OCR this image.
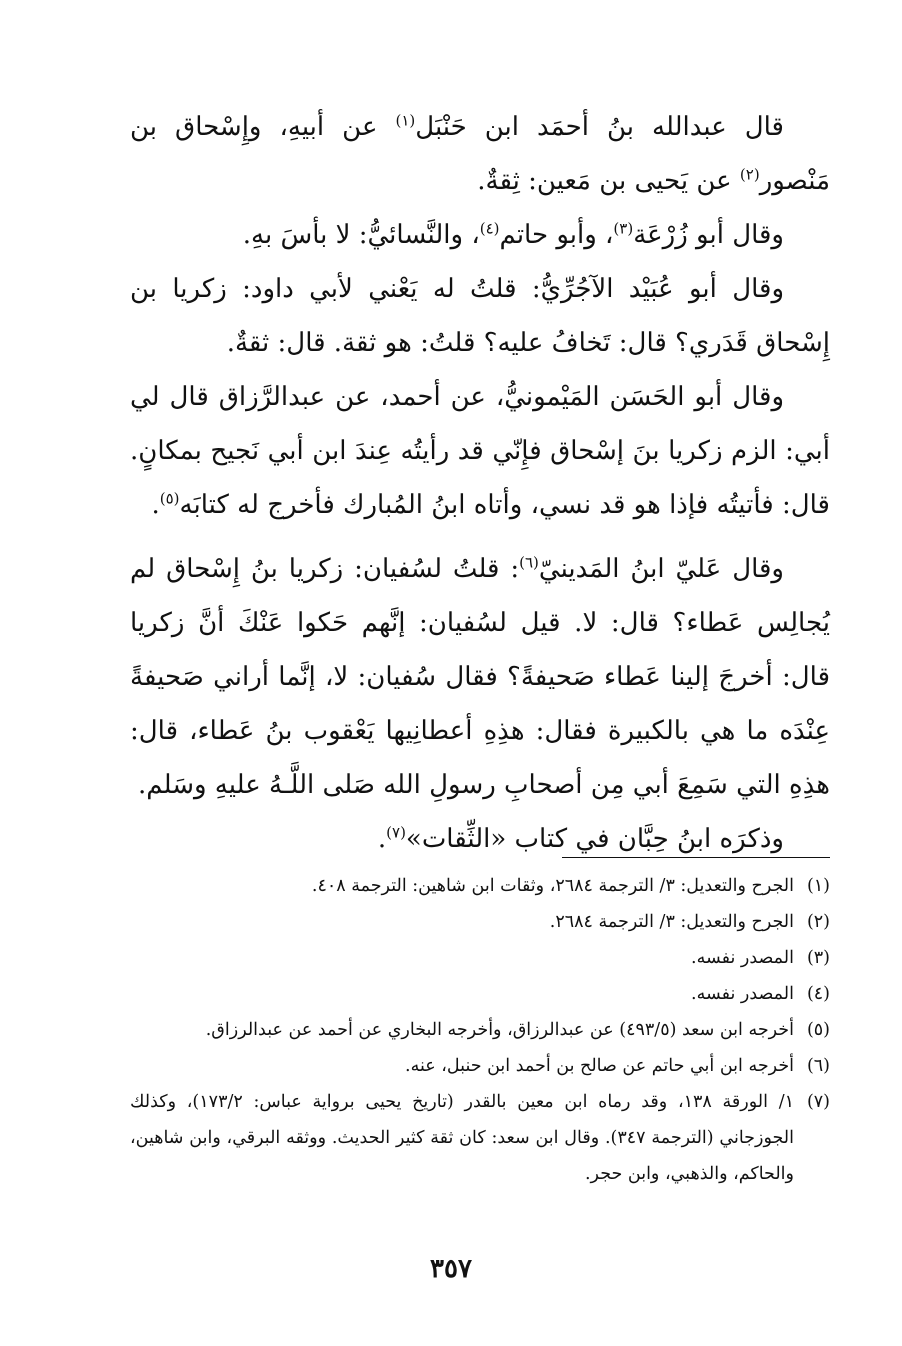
قال عبدالله بنُ أحمَد ابن حَنْبَل$^{(١)}$ عن أبيهِ، وإِسْحاق بن مَنْصور$^{(٢)}$ عن يَحيى بن مَعين: ثِقةٌ.

وقال أبو زُرْعَة$^{(٣)}$، وأبو حاتم$^{(٤)}$، والنَّسائيُّ: لا بأسَ بهِ.

وقال أبو عُبَيْد الآجُرِّيُّ: قلتُ له يَعْني لأبي داود: زكريا بن إِسْحاق قَدَري؟ قال: تَخافُ عليه؟ قلتُ: هو ثقة. قال: ثقةٌ.

وقال أبو الحَسَن المَيْمونيُّ، عن أحمد، عن عبدالرَّزاق قال لي أبي: الزم زكريا بنَ إسْحاق فإِنّي قد رأيتُه عِندَ ابن أبي نَجيح بمكانٍ. قال: فأتيتُه فإذا هو قد نسي، وأتاه ابنُ المُبارك فأخرج له كتابَه$^{(٥)}$.

وقال عَليّ ابنُ المَدينيّ$^{(٦)}$: قلتُ لسُفيان: زكريا بنُ إِسْحاق لم يُجالِس عَطاء؟ قال: لا. قيل لسُفيان: إنَّهم حَكوا عَنْكَ أنَّ زكريا قال: أخرجَ إلينا عَطاء صَحيفةً؟ فقال سُفيان: لا، إنَّما أراني صَحيفةً عِنْدَه ما هي بالكبيرة فقال: هذِهِ أعطانِيها يَعْقوب بنُ عَطاء، قال: هذِهِ التي سَمِعَ أبي مِن أصحابِ رسولِ الله صَلى اللَّـهُ عليهِ وسَلم.

وذكرَه ابنُ حِبَّان في كتاب «الثِّقات»$^{(٧)}$.

(١)
الجرح والتعديل: ٣/ الترجمة ٢٦٨٤، وثقات ابن شاهين: الترجمة ٤٠٨.
(٢)
الجرح والتعديل: ٣/ الترجمة ٢٦٨٤.
(٣)
المصدر نفسه.
(٤)
المصدر نفسه.
(٥)
أخرجه ابن سعد (٤٩٣/٥) عن عبدالرزاق، وأخرجه البخاري عن أحمد عن عبدالرزاق.
(٦)
أخرجه ابن أبي حاتم عن صالح بن أحمد ابن حنبل، عنه.
(٧)
١/ الورقة ١٣٨، وقد رماه ابن معين بالقدر (تاريخ يحيى برواية عباس: ١٧٣/٢)، وكذلك الجوزجاني (الترجمة ٣٤٧). وقال ابن سعد: كان ثقة كثير الحديث. ووثقه البرقي، وابن شاهين، والحاكم، والذهبي، وابن حجر.
٣٥٧
